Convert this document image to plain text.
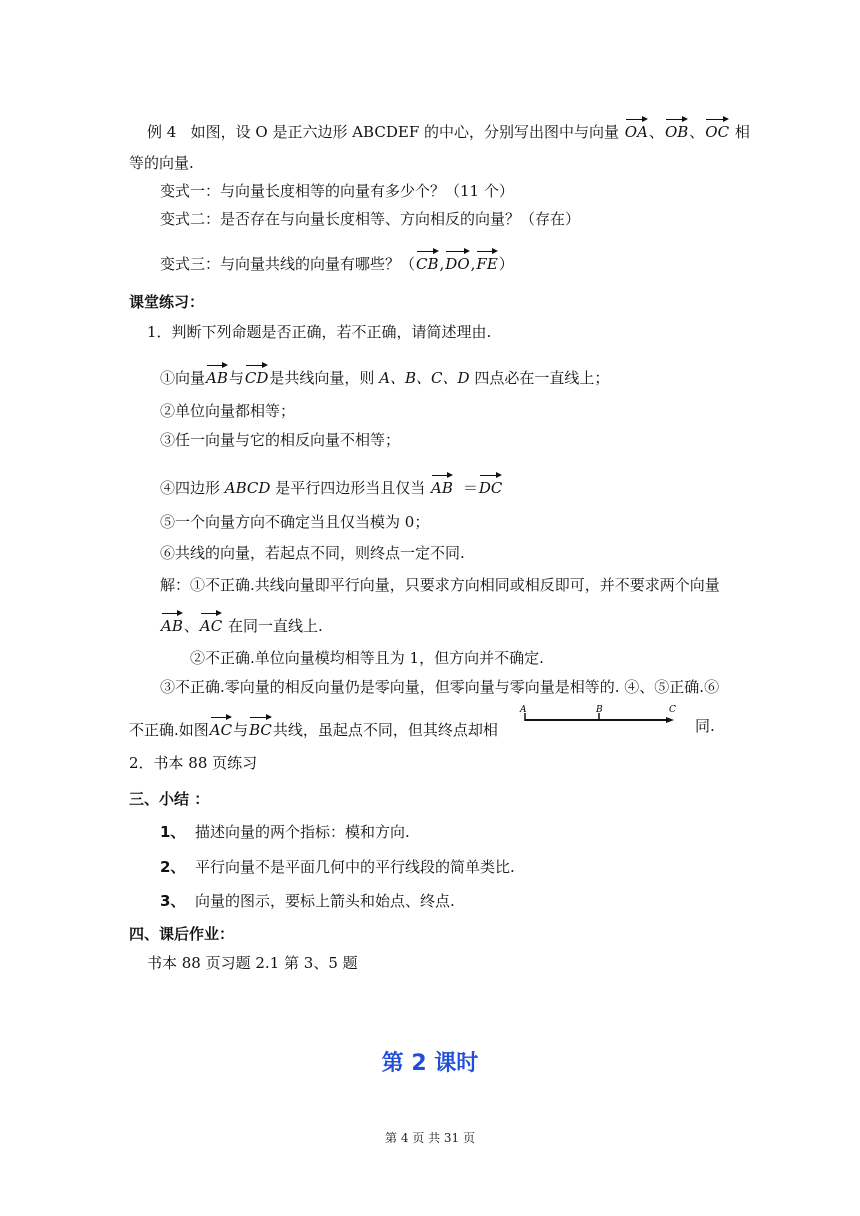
例 4 如图，设 O 是正六边形 ABCDEF 的中心，分别写出图中与向量 OA、OB、OC 相
等的向量.
变式一：与向量长度相等的向量有多少个？（11 个）
变式二：是否存在与向量长度相等、方向相反的向量？（存在）
变式三：与向量共线的向量有哪些？（CB,DO,FE）
课堂练习：
1．判断下列命题是否正确，若不正确，请简述理由.
①向量AB与CD是共线向量，则 A、B、C、D 四点必在一直线上；
②单位向量都相等；
③任一向量与它的相反向量不相等；
④四边形 ABCD 是平行四边形当且仅当 AB ＝DC
⑤一个向量方向不确定当且仅当模为 0；
⑥共线的向量，若起点不同，则终点一定不同.
解：①不正确.共线向量即平行向量，只要求方向相同或相反即可，并不要求两个向量
AB、AC 在同一直线上.
②不正确.单位向量模均相等且为 1，但方向并不确定.
③不正确.零向量的相反向量仍是零向量，但零向量与零向量是相等的. ④、⑤正确.⑥
不正确.如图AC与BC共线，虽起点不同，但其终点却相
A	B	C
同.
2．书本 88 页练习
三、小结 ：
1、 描述向量的两个指标：模和方向.
2、 平行向量不是平面几何中的平行线段的简单类比.
3、 向量的图示，要标上箭头和始点、终点.
四、课后作业：
书本 88 页习题 2.1 第 3、5 题
第 2 课时
第 4 页 共 31 页
